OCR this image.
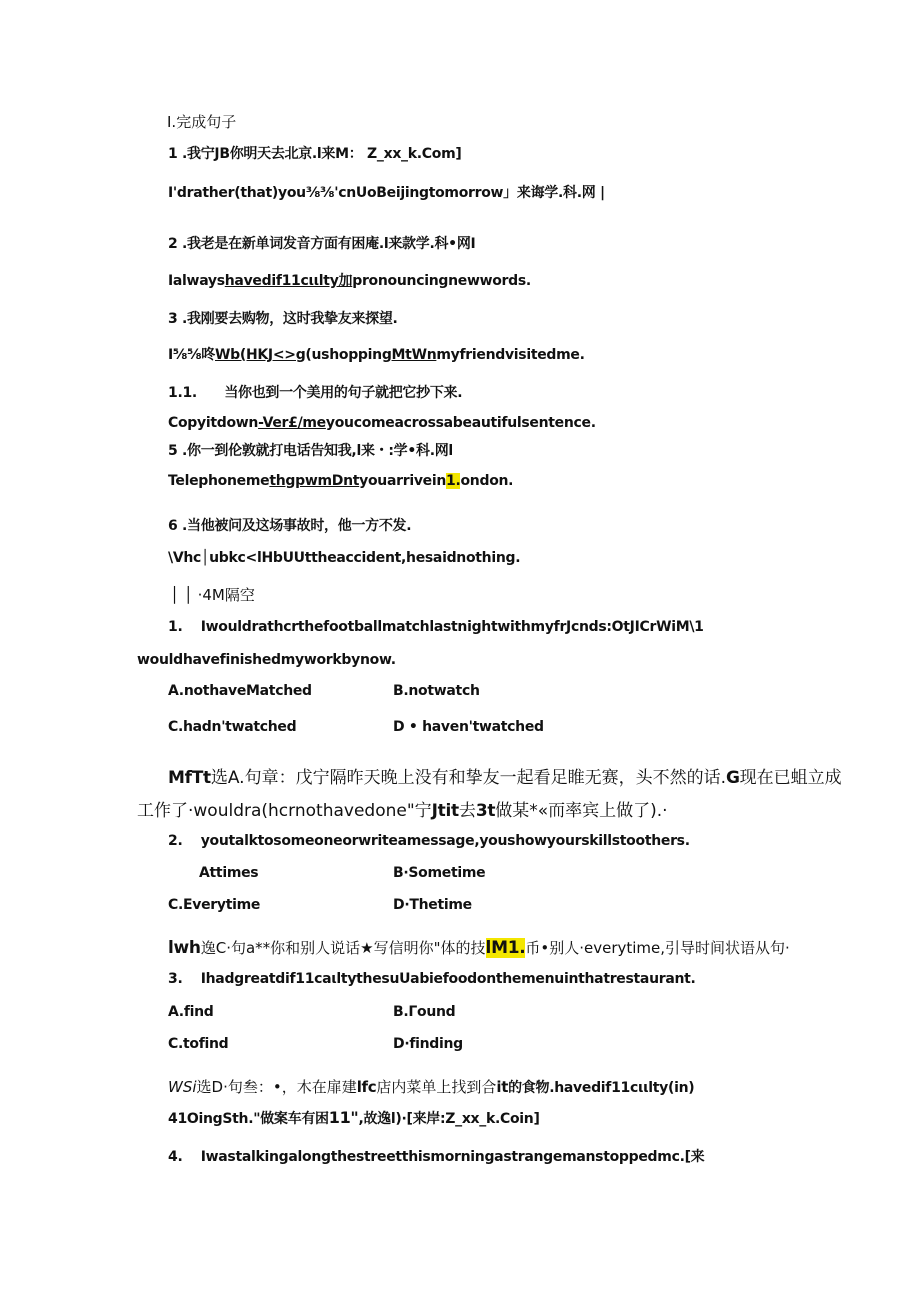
I.完成句子
1 .我宁JB你明天去北京.l来M： Z_xx_k.Com]
I'drather(that)you⅜⅜'cnUoBeijingtomorrow」来诲学.科.网 |
2 .我老是在新单词发音方面有困庵.l来款学.科•网I
Ialwayshavedif11cιιlty加pronouncingnewwords.
3 .我刚要去购物，这时我挚友来探望.
I⅝⅝咚Wb(HKJ<>g(ushoppingMtWnmyfriendvisitedme.
1.1.　　当你也到一个美用的句子就把它抄下来.
Copyitdown-Ver£/meyoucomeacrossabeautifulsentence.
5 .你一到伦敦就打电话告知我,l来・:学•科.网l
TelephonemethgpwmDntyouarrivein1.ondon.
6 .当他被问及这场事故时，他一方不发.
\Vhc│ubkc<lHbUUttheaccident,hesaidnothing.
│ │ ·4M隔空
1.　 IwouldrathcrthefootballmatchlastnightwithmyfrJcnds:OtJICrWiM\1
wouldhavefinishedmyworkbynow.
A.nothaveMatched	B.notwatch
C.hadn'twatched	D • haven'twatched
MfTt选A.句章：戊宁隔昨天晚上没有和挚友一起看足睢无赛，头不然的话.G现在已蛆立成
工作了·wouldra(hcrnothavedone"宁Jtit去3t做某*«而率宾上做了).·
2.　 youtalktosomeoneorwriteamessage,youshowyourskillstoothers.
Attimes	B·Sometime
C.Everytime	D·Thetime
lwh逸C·句a**你和别人说话★写信明你"体的技lM1.币•别人·everytime,引导时间状语从句·
3.　 Ihadgreatdif11caιltythesuUabiefoodonthemenuinthatrestaurant.
A.find	B.Γound
C.tofind	D·finding
WSi选D·句叁：•，木在扉建lfc店内菜单上找到合it的食物.havedif11cιιlty(in)
41OingSth."做案车有困11",故逸l)·[来岸:Z_xx_k.Coin]
4.　 Iwastalkingalongthestreetthismorningastrangemanstoppedmc.[来
